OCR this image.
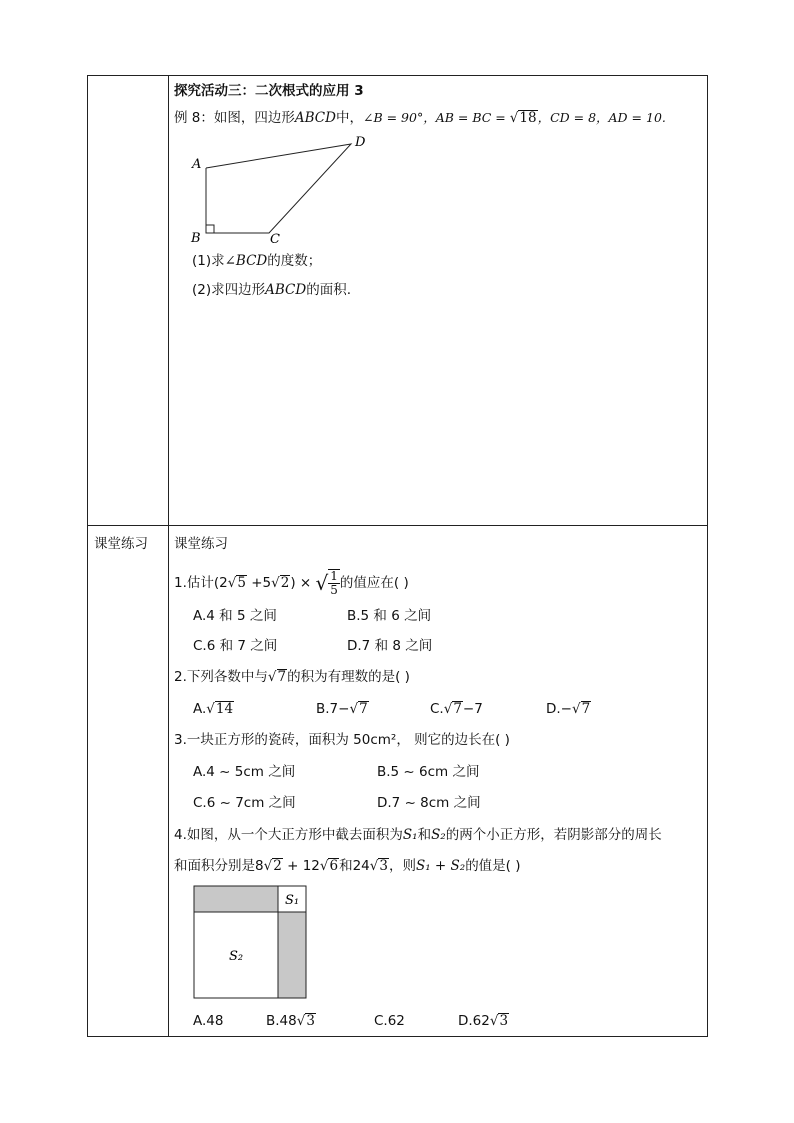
探究活动三：二次根式的应用 3
例 8：如图，四边形ABCD中，∠B = 90°，AB = BC = √18，CD = 8，AD = 10.
A
B	C
D
(1)求∠BCD的度数；
(2)求四边形ABCD的面积.
课堂练习 课堂练习
1.估计(2√5 +5√2) × √ $\frac{1}{5}$ 的值应在( )
A.4 和 5 之间	B.5 和 6 之间
C.6 和 7 之间	D.7 和 8 之间
2.下列各数中与√7的积为有理数的是( )
A.√14	B.7−√7	C.√7−7	D.−√7
3.一块正方形的瓷砖，面积为 50cm²， 则它的边长在( )
A.4 ~ 5cm 之间	B.5 ~ 6cm 之间
C.6 ~ 7cm 之间	D.7 ~ 8cm 之间
4.如图，从一个大正方形中截去面积为S₁和S₂的两个小正方形，若阴影部分的周长
和面积分别是8√2 + 12√6和24√3，则S₁ + S₂的值是( )
S₁
S₂
A.48	B.48√3	C.62	D.62√3
